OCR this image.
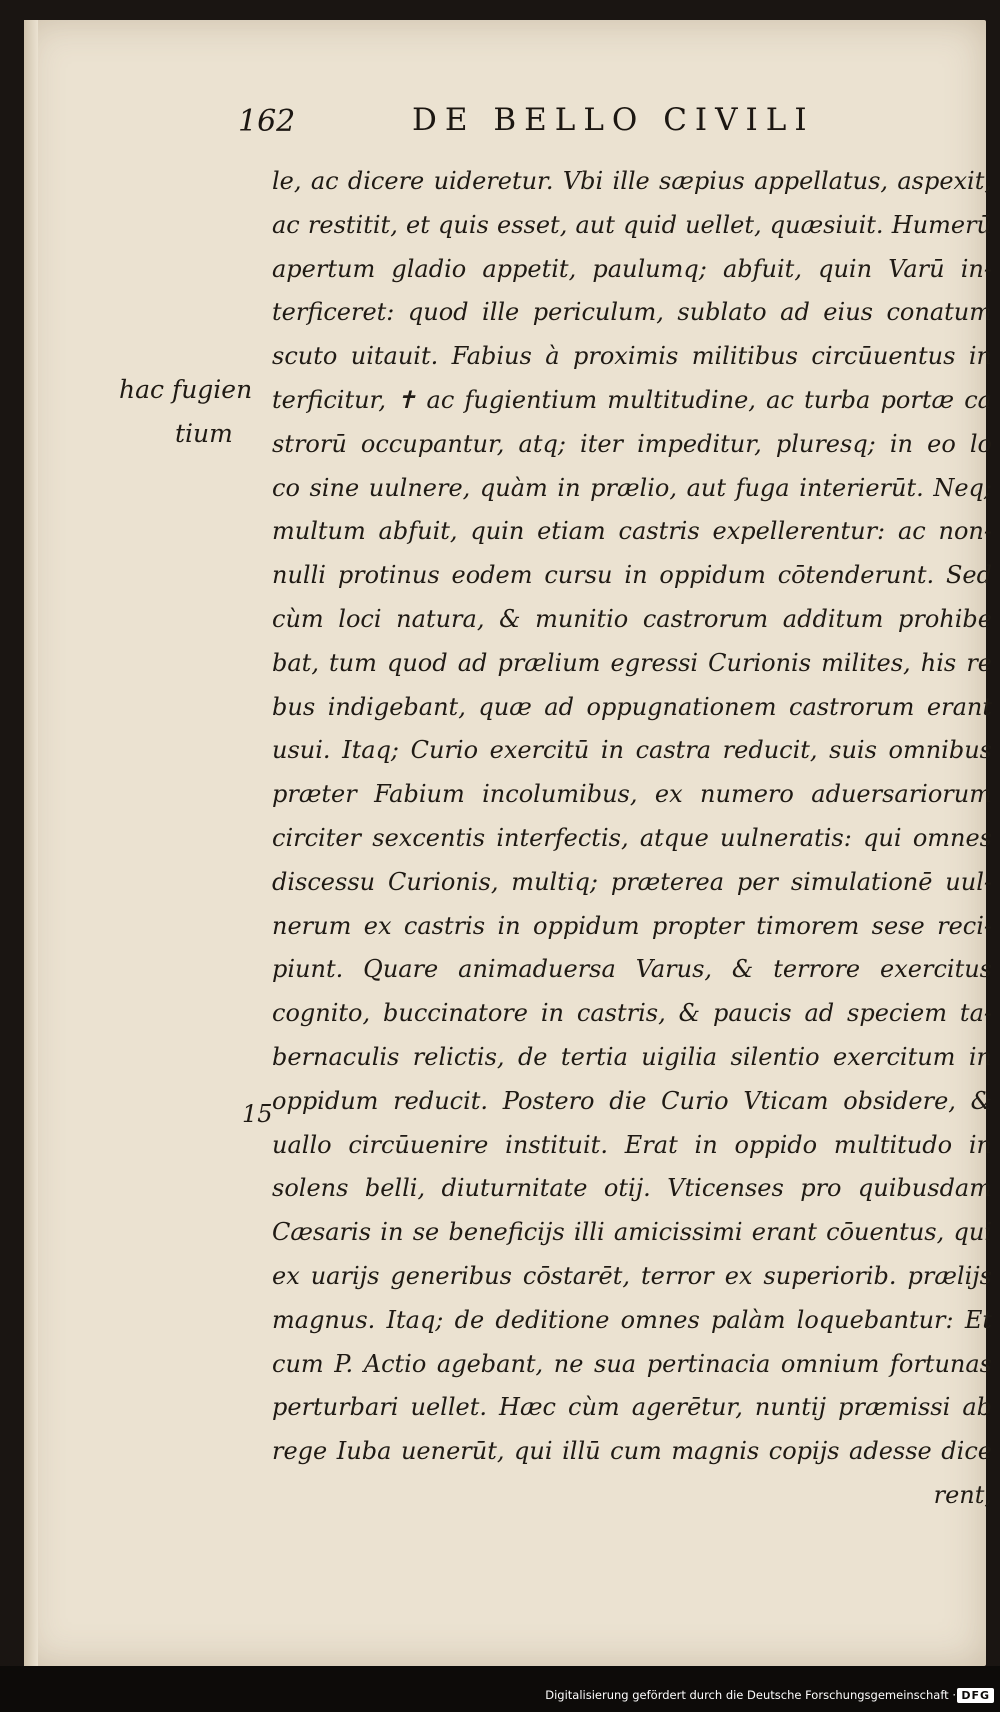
162	DE BELLO CIVILI
hac fugien
tium
15
le, ac dicere uideretur. Vbi ille sæpius appellatus, aspexit,
ac restitit, et quis esset, aut quid uellet, quæsiuit. Humerū
apertum gladio appetit, paulumq; abfuit, quin Varū in-
terficeret: quod ille periculum, sublato ad eius conatum
scuto uitauit. Fabius à proximis militibus circūuentus in
terficitur, ✝ ac fugientium multitudine, ac turba portæ ca
strorū occupantur, atq; iter impeditur, pluresq; in eo lo
co sine uulnere, quàm in prælio, aut fuga interierūt. Neq;
multum abfuit, quin etiam castris expellerentur: ac non-
nulli protinus eodem cursu in oppidum cōtenderunt. Sed
cùm loci natura, & munitio castrorum additum prohibe
bat, tum quod ad prælium egressi Curionis milites, his re
bus indigebant, quæ ad oppugnationem castrorum erant
usui. Itaq; Curio exercitū in castra reducit, suis omnibus
præter Fabium incolumibus, ex numero aduersariorum
circiter sexcentis interfectis, atque uulneratis: qui omnes
discessu Curionis, multiq; præterea per simulationē uul-
nerum ex castris in oppidum propter timorem sese reci-
piunt. Quare animaduersa Varus, & terrore exercitus
cognito, buccinatore in castris, & paucis ad speciem ta-
bernaculis relictis, de tertia uigilia silentio exercitum in
oppidum reducit. Postero die Curio Vticam obsidere, &
uallo circūuenire instituit. Erat in oppido multitudo in
solens belli, diuturnitate otij. Vticenses pro quibusdam
Cæsaris in se beneficijs illi amicissimi erant cōuentus, qui
ex uarijs generibus cōstarēt, terror ex superiorib. prælijs
magnus. Itaq; de deditione omnes palàm loquebantur: Et
cum P. Actio agebant, ne sua pertinacia omnium fortunas
perturbari uellet. Hæc cùm agerētur, nuntij præmissi ab
rege Iuba uenerūt, qui illū cum magnis copijs adesse dice
rent,
Digitalisierung gefördert durch die Deutsche Forschungsgemeinschaft · DFG
